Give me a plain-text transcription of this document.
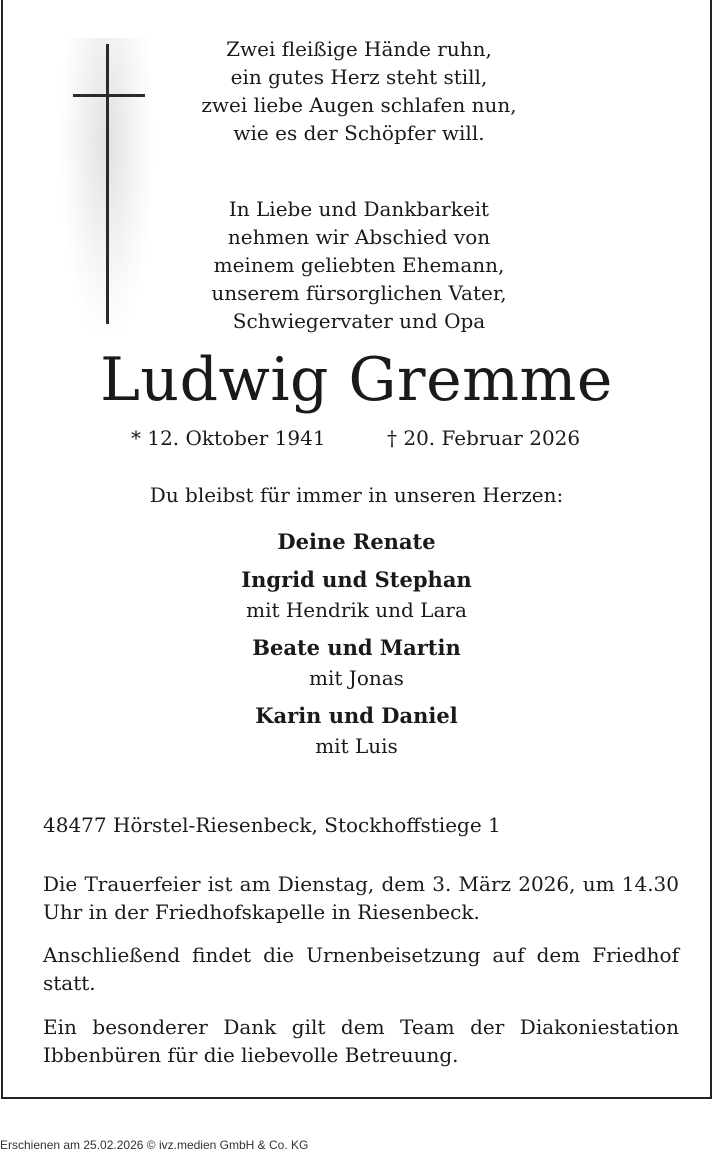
Zwei fleißige Hände ruhn,
ein gutes Herz steht still,
zwei liebe Augen schlafen nun,
wie es der Schöpfer will.
In Liebe und Dankbarkeit
nehmen wir Abschied von
meinem geliebten Ehemann,
unserem fürsorglichen Vater,
Schwiegervater und Opa
Ludwig Gremme
* 12. Oktober 1941	† 20. Februar 2026
Du bleibst für immer in unseren Herzen:
Deine Renate
Ingrid und Stephan
mit Hendrik und Lara
Beate und Martin
mit Jonas
Karin und Daniel
mit Luis
48477 Hörstel-Riesenbeck, Stockhoffstiege 1
Die Trauerfeier ist am Dienstag, dem 3. März 2026, um 14.30 Uhr in der Friedhofskapelle in Riesenbeck.
Anschließend findet die Urnenbeisetzung auf dem Friedhof statt.
Ein besonderer Dank gilt dem Team der Diakoniestation Ibbenbüren für die liebevolle Betreuung.
Erschienen am 25.02.2026 © ivz.medien GmbH & Co. KG
